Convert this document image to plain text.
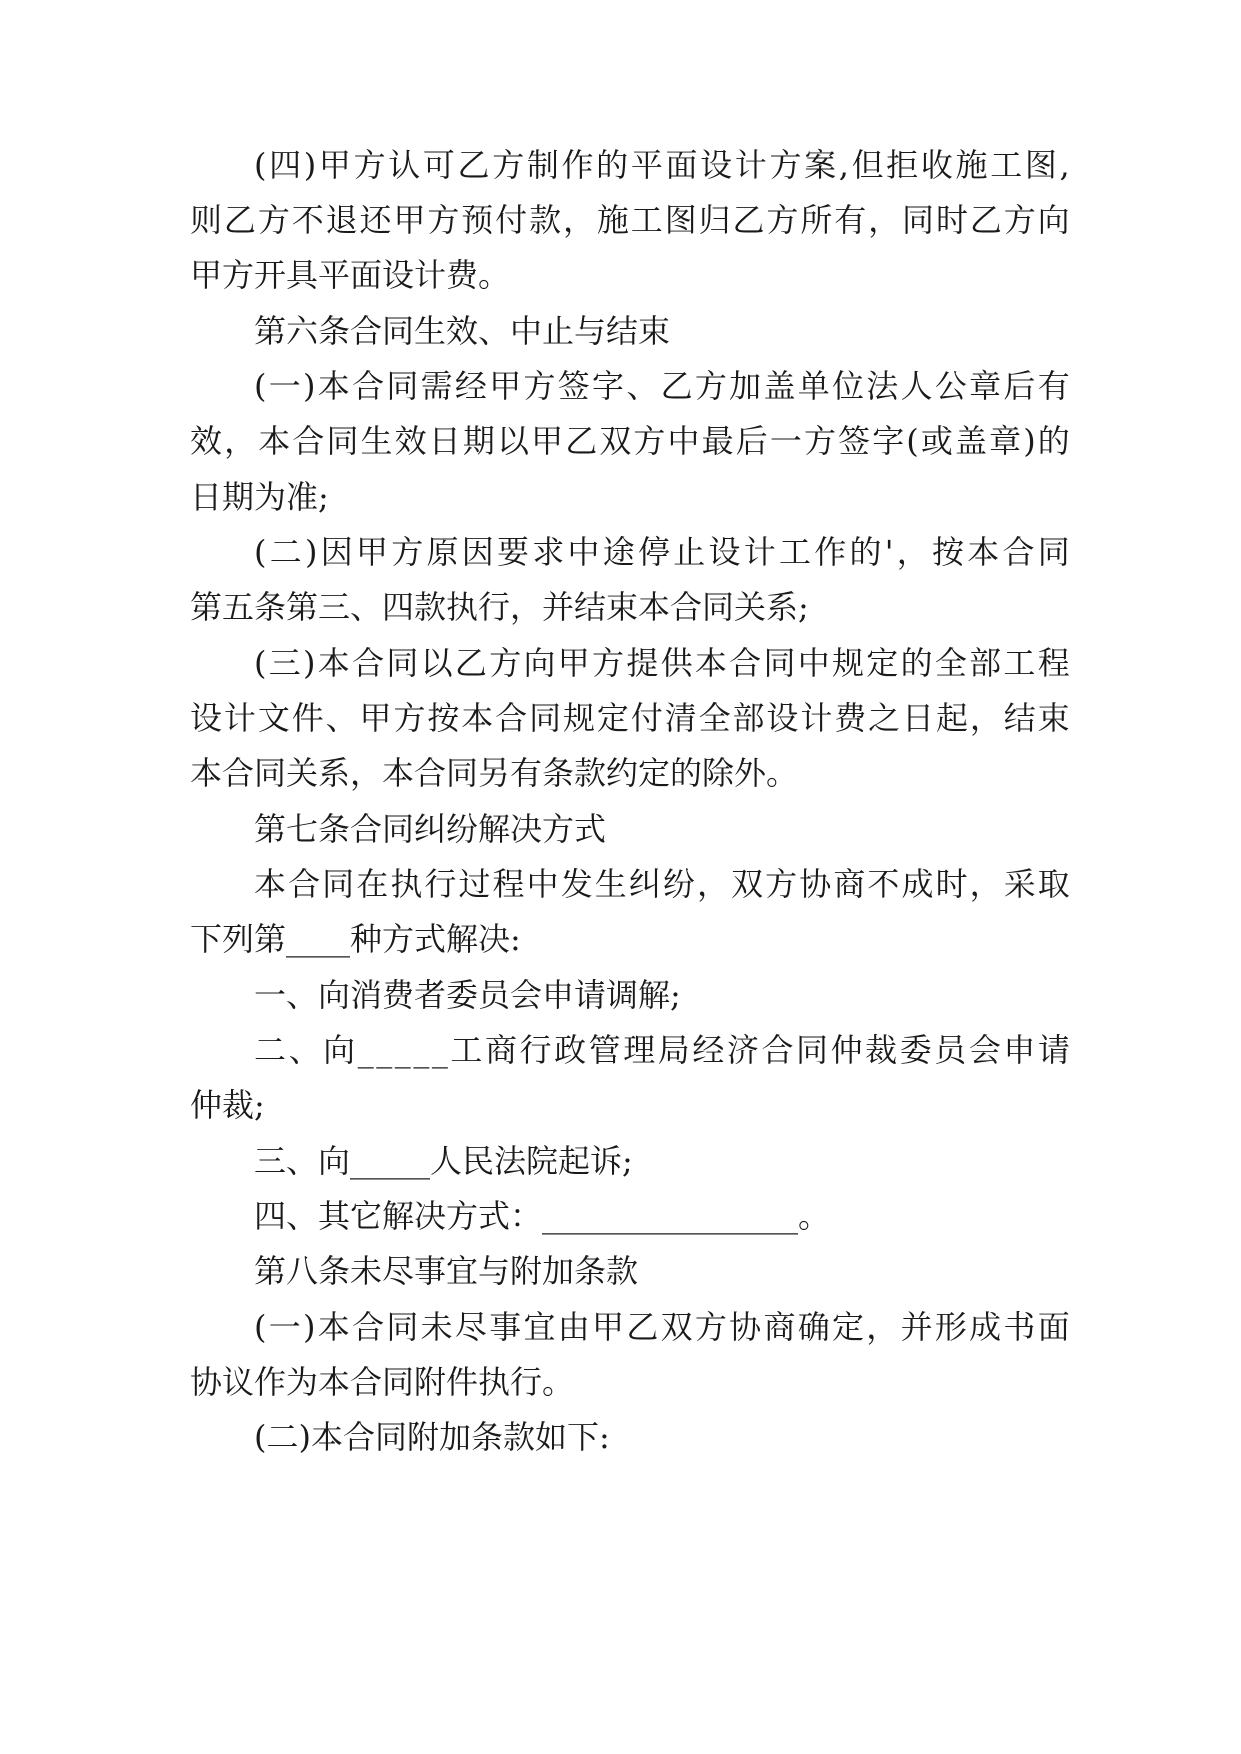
( 四 ) 甲 方 认 可 乙 方 制 作 的 平 面 设 计 方 案 , 但 拒 收 施 工 图 ,
则 乙 方 不 退 还 甲 方 预 付 款 ， 施 工 图 归 乙 方 所 有 ， 同 时 乙 方 向
甲方开具平面设计费。
第六条合同生效、中止与结束
( 一 ) 本 合 同 需 经 甲 方 签 字 、 乙 方 加 盖 单 位 法 人 公 章 后 有
效 ， 本 合 同 生 效 日 期 以 甲 乙 双 方 中 最 后 一 方 签 字 ( 或 盖 章 ) 的
日期为准;
( 二 ) 因 甲 方 原 因 要 求 中 途 停 止 设 计 工 作 的 ' ， 按 本 合 同
第五条第三、四款执行，并结束本合同关系;
( 三 ) 本 合 同 以 乙 方 向 甲 方 提 供 本 合 同 中 规 定 的 全 部 工 程
设 计 文 件 、 甲 方 按 本 合 同 规 定 付 清 全 部 设 计 费 之 日 起 ， 结 束
本合同关系，本合同另有条款约定的除外。
第七条合同纠纷解决方式
本 合 同 在 执 行 过 程 中 发 生 纠 纷 ， 双 方 协 商 不 成 时 ， 采 取
下列第____种方式解决:
一、向消费者委员会申请调解;
二 、 向 _ _ _ _ _ 工 商 行 政 管 理 局 经 济 合 同 仲 裁 委 员 会 申 请
仲裁;
三、向_____人民法院起诉;
四、其它解决方式：________________。
第八条未尽事宜与附加条款
( 一 ) 本 合 同 未 尽 事 宜 由 甲 乙 双 方 协 商 确 定 ， 并 形 成 书 面
协议作为本合同附件执行。
(二)本合同附加条款如下:
